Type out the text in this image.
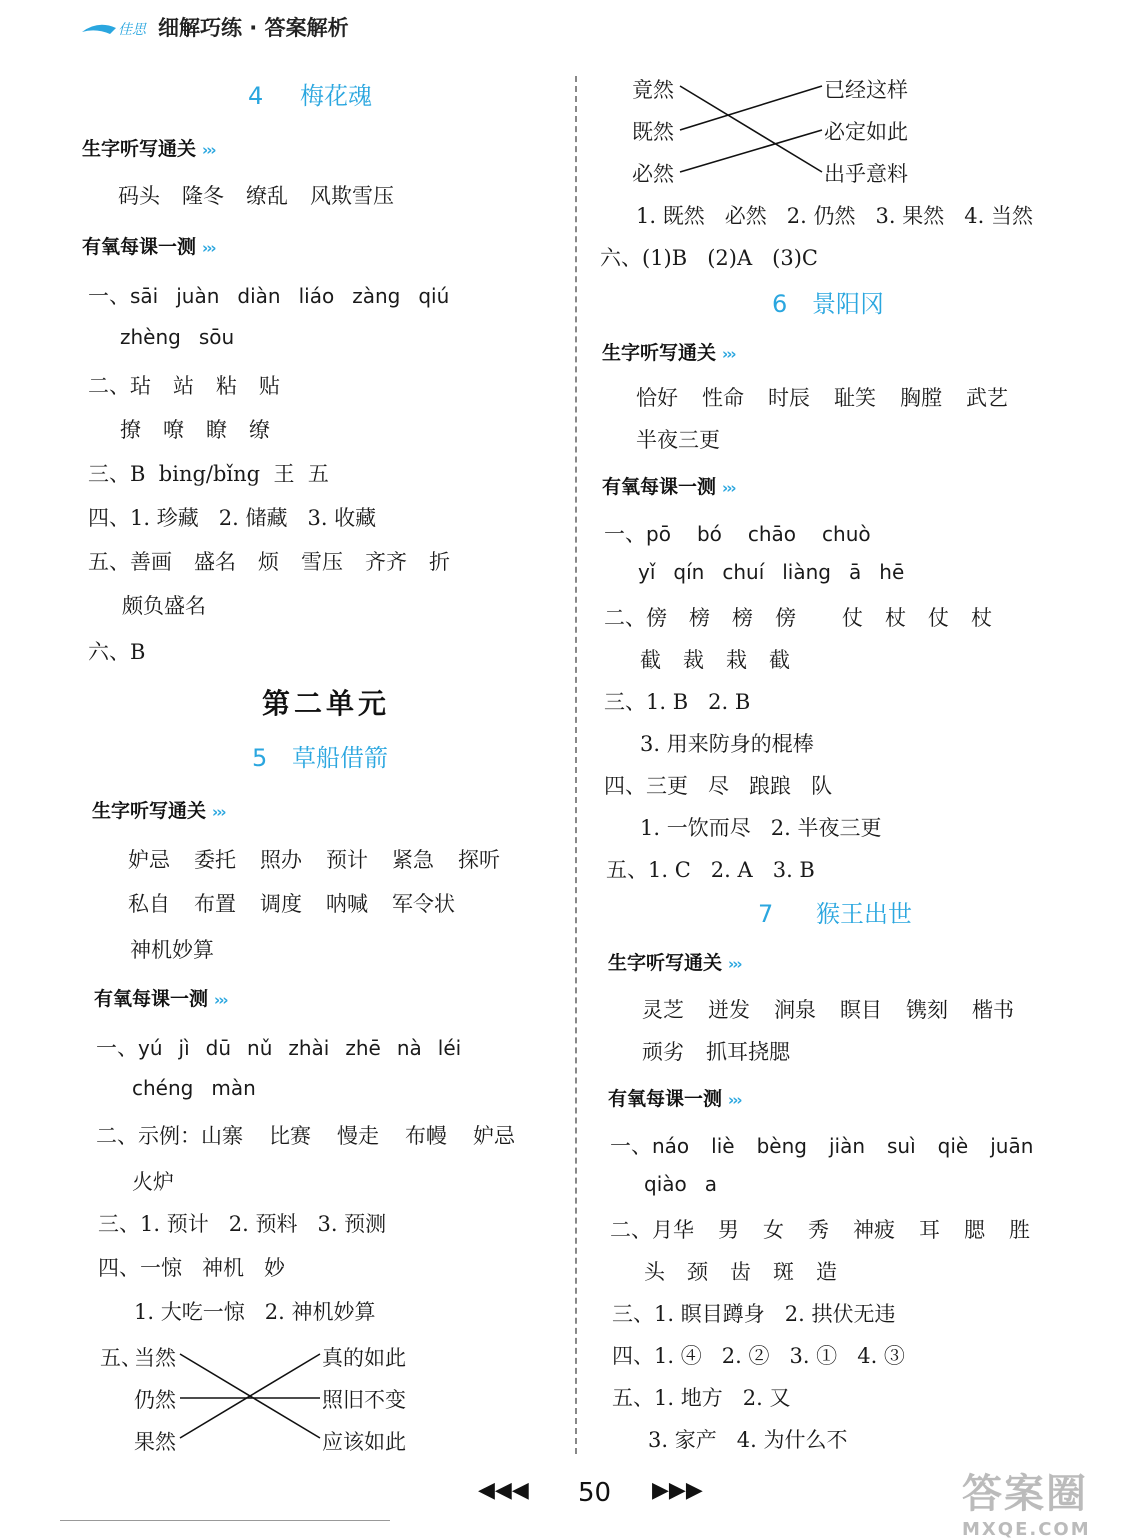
佳思 细解巧练 · 答案解析
4 梅花魂
生字听写通关 ›››
码头 隆冬 缭乱 风欺雪压
有氧每课一测 ›››
一、sāi juàn diàn liáo zàng qiú
zhèng sōu
二、玷 站 粘 贴
撩 嘹 瞭 缭
三、B  bing/bǐng  王  五
四、1. 珍藏   2. 储藏   3. 收藏
五、善画 盛名 烦 雪压 齐齐 折
颇负盛名
六、B
第二单元
5 草船借箭
生字听写通关 ›››
妒忌 委托 照办 预计 紧急 探听
私自 布置 调度 呐喊 军令状
神机妙算
有氧每课一测 ›››
一、yú jì dū nǔ zhài zhē nà léi
chéng màn
二、示例：山寨 比赛 慢走 布幔 妒忌
火炉
三、1. 预计   2. 预料   3. 预测
四、一惊   神机   妙
1. 大吃一惊   2. 神机妙算
五、
当然
仍然
果然
真的如此
照旧不变
应该如此
竟然
既然
必然
已经这样
必定如此
出乎意料
1. 既然   必然   2. 仍然   3. 果然   4. 当然
六、(1)B   (2)A   (3)C
6 景阳冈
生字听写通关 ›››
恰好 性命 时辰 耻笑 胸膛 武艺
半夜三更
有氧每课一测 ›››
一、pō bó chāo chuò
yǐ qín chuí liàng ā hē
二、傍 榜 榜 傍 仗 杖 仗 杖
截 裁 栽 截
三、1. B   2. B
3. 用来防身的棍棒
四、三更   尽   踉踉   队
1. 一饮而尽   2. 半夜三更
五、1. C   2. A   3. B
7 猴王出世
生字听写通关 ›››
灵芝 迸发 涧泉 瞑目 镌刻 楷书
顽劣 抓耳挠腮
有氧每课一测 ›››
一、náo liè bèng jiàn suì qiè juān
qiào a
二、月华 男 女 秀 神疲 耳 腮 胜
头 颈 齿 斑 造
三、1. 瞑目蹲身   2. 拱伏无违
四、1. ④   2. ②   3. ①   4. ③
五、1. 地方   2. 又
3. 家产   4. 为什么不
◀◀◀ 50 ▶▶▶	答案圈
MXQE.COM
